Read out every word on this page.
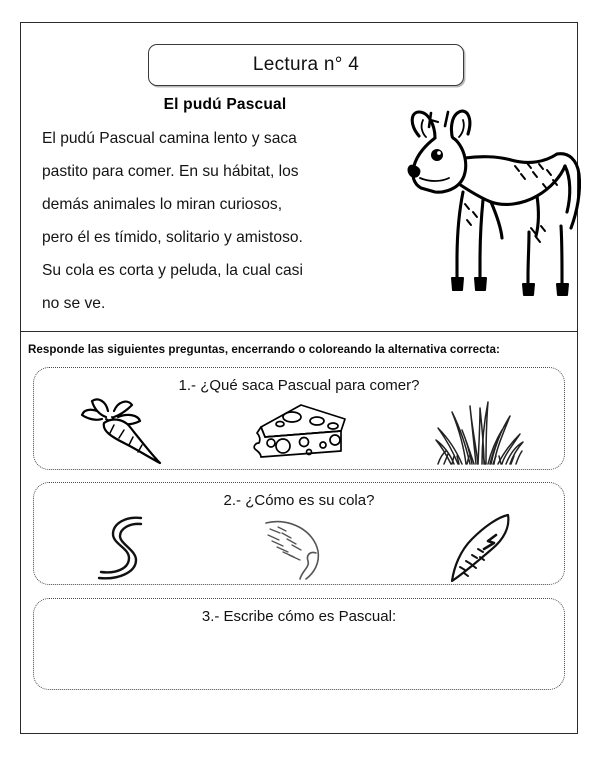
Lectura n° 4
El pudú Pascual
El pudú Pascual camina lento y saca
pastito para comer. En su hábitat, los
demás animales lo miran curiosos,
pero él es tímido, solitario y amistoso.
Su cola es corta y peluda, la cual casi
no se ve.
Responde las siguientes preguntas, encerrando o coloreando la alternativa correcta:
1.- ¿Qué saca Pascual para comer?
2.- ¿Cómo es su cola?
3.- Escribe cómo es Pascual:
